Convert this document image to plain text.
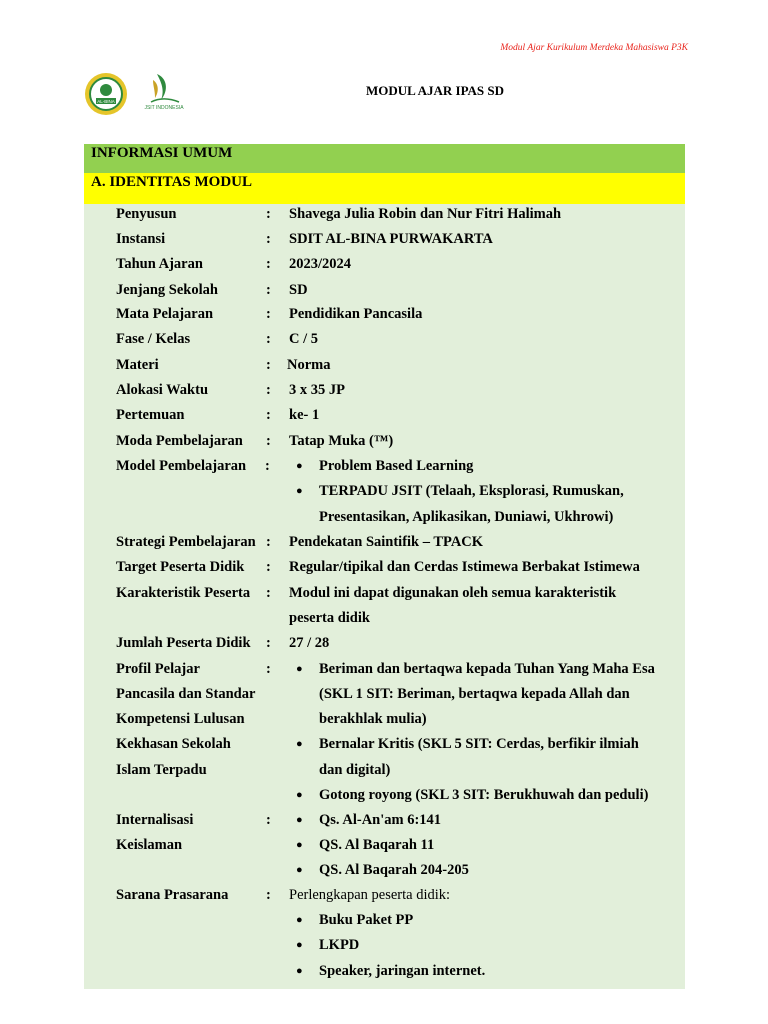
Modul Ajar Kurikulum Merdeka Mahasiswa P3K
AL-BINA
JSIT INDONESIA
MODUL AJAR IPAS SD
INFORMASI UMUM
A. IDENTITAS MODUL
Penyusun	: Shavega Julia Robin dan Nur Fitri Halimah
Instansi	: SDIT AL-BINA PURWAKARTA
Tahun Ajaran	: 2023/2024
Jenjang Sekolah	: SD
Mata Pelajaran	: Pendidikan Pancasila
Fase / Kelas	: C / 5
Materi	: Norma
Alokasi Waktu	: 3 x 35 JP
Pertemuan	: ke- 1
Moda Pembelajaran : Tatap Muka (™)
Model Pembelajaran : ● Problem Based Learning
● TERPADU JSIT (Telaah, Eksplorasi, Rumuskan,
Presentasikan, Aplikasikan, Duniawi, Ukhrowi)
Strategi Pembelajaran : Pendekatan Saintifik – TPACK
Target Peserta Didik : Regular/tipikal dan Cerdas Istimewa Berbakat Istimewa
Karakteristik Peserta : Modul ini dapat digunakan oleh semua karakteristik
peserta didik
Jumlah Peserta Didik : 27 / 28
Profil Pelajar
Pancasila dan Standar
Kompetensi Lulusan
Kekhasan Sekolah
Islam Terpadu
: ● Beriman dan bertaqwa kepada Tuhan Yang Maha Esa
(SKL 1 SIT: Beriman, bertaqwa kepada Allah dan
berakhlak mulia)
● Bernalar Kritis (SKL 5 SIT: Cerdas, berfikir ilmiah
dan digital)
● Gotong royong (SKL 3 SIT: Berukhuwah dan peduli)
Internalisasi
Keislaman
: ● Qs. Al-An'am 6:141
● QS. Al Baqarah 11
● QS. Al Baqarah 204-205
Sarana Prasarana	: Perlengkapan peserta didik:
● Buku Paket PP
● LKPD
● Speaker, jaringan internet.
